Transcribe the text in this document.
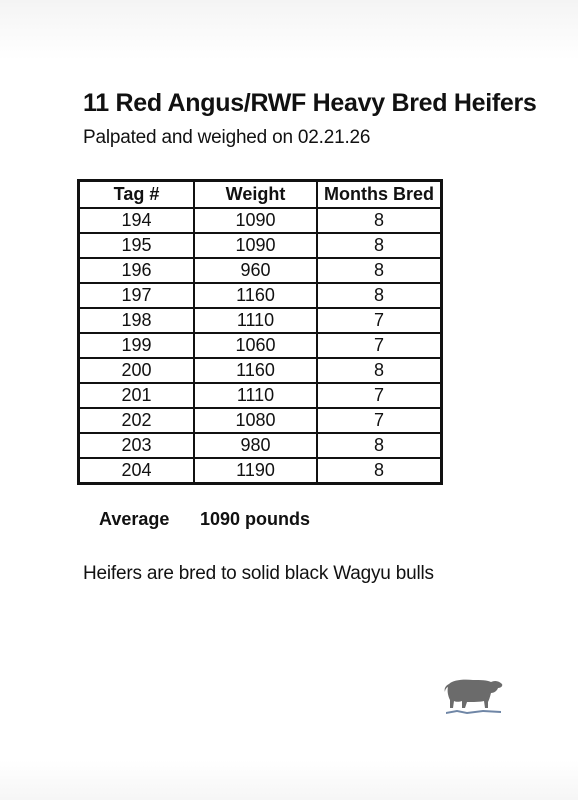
11 Red Angus/RWF Heavy Bred Heifers

Palpated and weighed on 02.21.26

Tag #	Weight	Months Bred
194	1090	8
195	1090	8
196	960	8
197	1160	8
198	1110	7
199	1060	7
200	1160	8
201	1110	7
202	1080	7
203	980	8
204	1190	8
Average 1090 pounds
Heifers are bred to solid black Wagyu bulls
